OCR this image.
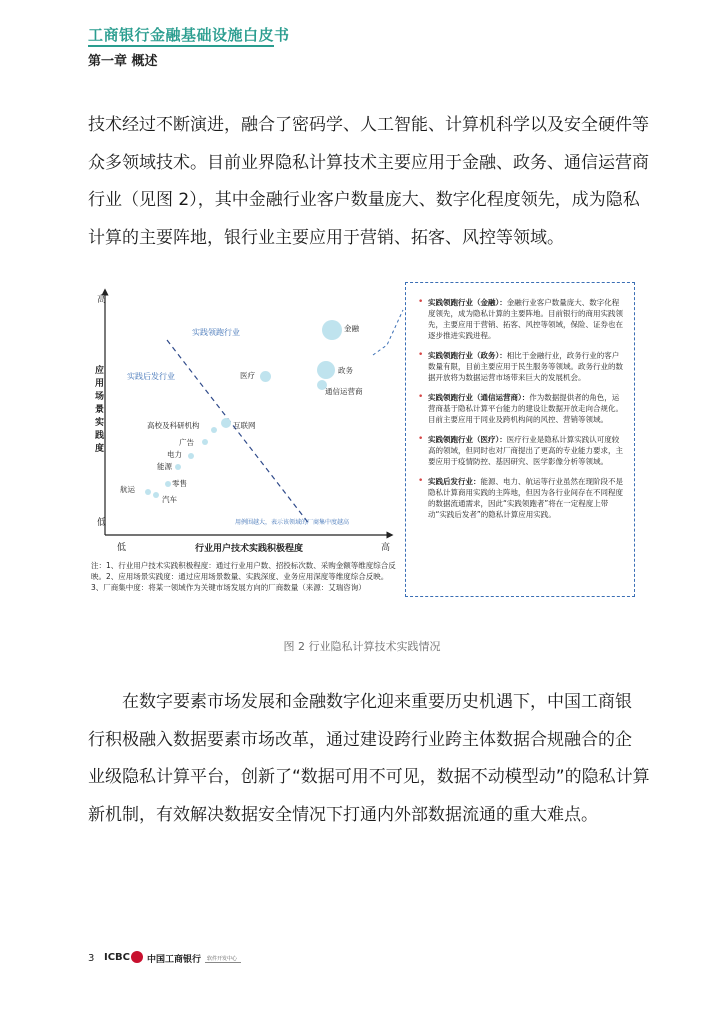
工商银行金融基础设施白皮书
第一章 概述

技术经过不断演进，融合了密码学、人工智能、计算机科学以及安全硬件等

众多领域技术。目前业界隐私计算技术主要应用于金融、政务、通信运营商

行业（见图 2），其中金融行业客户数量庞大、数字化程度领先，成为隐私

计算的主要阵地，银行业主要应用于营销、拓客、风控等领域。

高
低
应用场景实践度
低	高
行业用户技术实践积极程度
实践领跑行业
实践后发行业
用例围越大，表示该领域的厂商集中度越高
金融
政务
通信运营商
医疗
互联网
高校及科研机构
广告
电力
能源
零售
航运
汽车
注：1、行业用户技术实践积极程度：通过行业用户数、招投标次数、采购金额等维度综合反映。2、应用场景实践度：通过应用场景数量、实践深度、业务应用深度等维度综合反映。3、厂商集中度：将某一领域作为关键市场发展方向的厂商数量（来源：艾瑞咨询）
• 实践领跑行业（金融）：金融行业客户数量庞大、数字化程度领先，成为隐私计算的主要阵地。目前银行的商用实践领先，主要应用于营销、拓客、风控等领域，保险、证券也在逐步推进实践进程。
• 实践领跑行业（政务）：相比于金融行业，政务行业的客户数量有限，目前主要应用于民生服务等领域。政务行业的数据开放将为数据运营市场带来巨大的发展机会。
• 实践领跑行业（通信运营商）：作为数据提供者的角色，运营商基于隐私计算平台能力的建设让数据开放走向合规化。目前主要应用于同业及跨机构间的风控、营销等领域。
• 实践领跑行业（医疗）：医疗行业是隐私计算实践认可度较高的领域，但同时也对厂商提出了更高的专业能力要求，主要应用于疫情防控、基因研究、医学影像分析等领域。
• 实践后发行业：能源、电力、航运等行业虽然在现阶段不是隐私计算商用实践的主阵地，但因为各行业间存在不同程度的数据流通需求，因此“实践领跑者”将在一定程度上带动“实践后发者”的隐私计算应用实践。
图 2 行业隐私计算技术实践情况

在数字要素市场发展和金融数字化迎来重要历史机遇下，中国工商银

行积极融入数据要素市场改革，通过建设跨行业跨主体数据合规融合的企

业级隐私计算平台，创新了“数据可用不可见，数据不动模型动”的隐私计算

新机制，有效解决数据安全情况下打通内外部数据流通的重大难点。

3 ICBC 中国工商银行 软件开发中心
